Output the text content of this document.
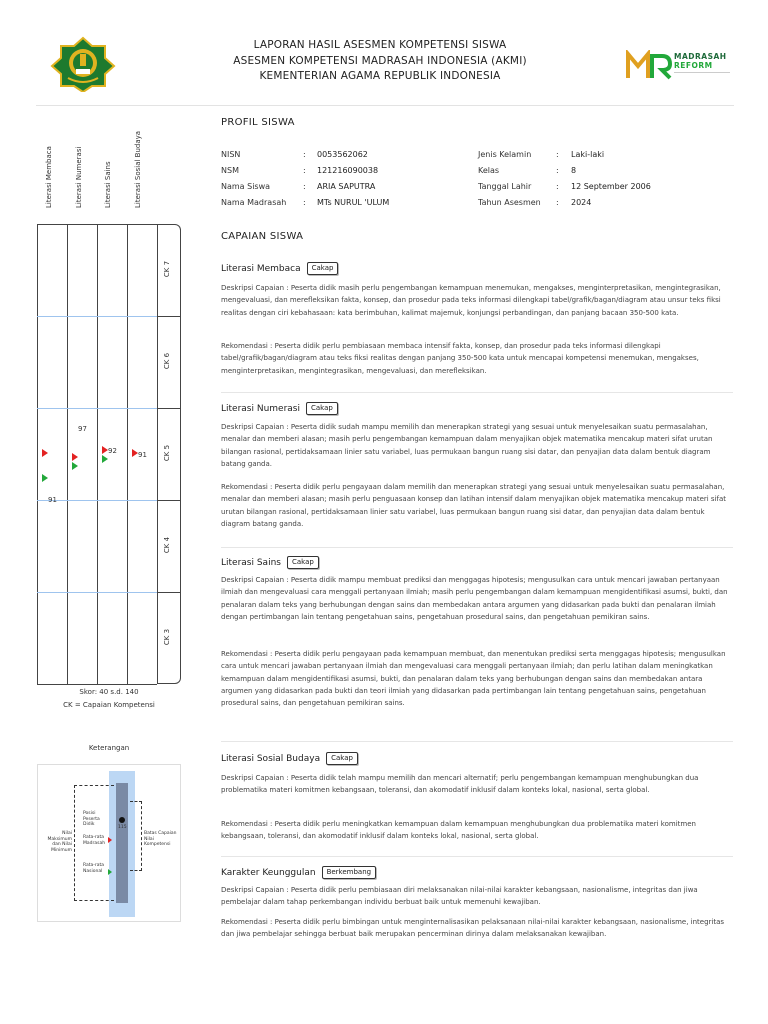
LAPORAN HASIL ASESMEN KOMPETENSI SISWA
ASESMEN KOMPETENSI MADRASAH INDONESIA (AKMI)
KEMENTERIAN AGAMA REPUBLIK INDONESIA
MADRASAH
REFORM
PROFIL SISWA
NISN	: 0053562062
NSM	: 121216090038
Nama Siswa	: ARIA SAPUTRA
Nama Madrasah : MTs NURUL 'ULUM
Jenis Kelamin	: Laki-laki
Kelas	: 8
Tanggal Lahir	: 12 September 2006
Tahun Asesmen : 2024
Literasi Membaca	Literasi Numerasi	Literasi Sains	Literasi Sosial Budaya
CK 7
CK 6
CK 5
CK 4
CK 3
91
97
92	91
Skor: 40 s.d. 140
CK = Capaian Kompetensi
Keterangan
115
Posisi Peserta Didik
Rata-rata Madrasah
Rata-rata Nasional
Nilai Maksimum dan Nilai Minimum
Batas Capaian Nilai Kompetensi
CAPAIAN SISWA
Literasi Membaca	Cakap
Deskripsi Capaian : Peserta didik masih perlu pengembangan kemampuan menemukan, mengakses, menginterpretasikan, mengintegrasikan, mengevaluasi, dan merefleksikan fakta, konsep, dan prosedur pada teks informasi dilengkapi tabel/grafik/bagan/diagram atau unsur teks fiksi realitas dengan ciri kebahasaan: kata berimbuhan, kalimat majemuk, konjungsi perbandingan, dan panjang bacaan 350-500 kata.
Rekomendasi : Peserta didik perlu pembiasaan membaca intensif fakta, konsep, dan prosedur pada teks informasi dilengkapi tabel/grafik/bagan/diagram atau teks fiksi realitas dengan panjang 350-500 kata untuk mencapai kompetensi menemukan, mengakses, menginterpretasikan, mengintegrasikan, mengevaluasi, dan merefleksikan.
Literasi Numerasi	Cakap
Deskripsi Capaian : Peserta didik sudah mampu memilih dan menerapkan strategi yang sesuai untuk menyelesaikan suatu permasalahan, menalar dan memberi alasan; masih perlu pengembangan kemampuan dalam menyajikan objek matematika mencakup materi sifat urutan bilangan rasional, pertidaksamaan linier satu variabel, luas permukaan bangun ruang sisi datar, dan penyajian data dalam bentuk diagram batang ganda.
Rekomendasi : Peserta didik perlu pengayaan dalam memilih dan menerapkan strategi yang sesuai untuk menyelesaikan suatu permasalahan, menalar dan memberi alasan; masih perlu penguasaan konsep dan latihan intensif dalam menyajikan objek matematika mencakup materi sifat urutan bilangan rasional, pertidaksamaan linier satu variabel, luas permukaan bangun ruang sisi datar, dan penyajian data dalam bentuk diagram batang ganda.
Literasi Sains	Cakap
Deskripsi Capaian : Peserta didik mampu membuat prediksi dan menggagas hipotesis; mengusulkan cara untuk mencari jawaban pertanyaan ilmiah dan mengevaluasi cara menggali pertanyaan ilmiah; masih perlu pengembangan dalam kemampuan mengidentifikasi asumsi, bukti, dan penalaran dalam teks yang berhubungan dengan sains dan membedakan antara argumen yang didasarkan pada bukti dan penalaran ilmiah dengan pertimbangan lain tentang pengetahuan sains, pengetahuan prosedural sains, dan pengetahuan pemikiran sains.
Rekomendasi : Peserta didik perlu pengayaan pada kemampuan membuat, dan menentukan prediksi serta menggagas hipotesis; mengusulkan cara untuk mencari jawaban pertanyaan ilmiah dan mengevaluasi cara menggali pertanyaan ilmiah; dan perlu latihan dalam meningkatkan kemampuan dalam mengidentifikasi asumsi, bukti, dan penalaran dalam teks yang berhubungan dengan sains dan membedakan antara argumen yang didasarkan pada bukti dan teori ilmiah yang didasarkan pada pertimbangan lain tentang pengetahuan sains, pengetahuan prosedural sains, dan pengetahuan pemikiran sains.
Literasi Sosial Budaya	Cakap
Deskripsi Capaian : Peserta didik telah mampu memilih dan mencari alternatif; perlu pengembangan kemampuan menghubungkan dua problematika materi komitmen kebangsaan, toleransi, dan akomodatif inklusif dalam konteks lokal, nasional, serta global.
Rekomendasi : Peserta didik perlu meningkatkan kemampuan dalam kemampuan menghubungkan dua problematika materi komitmen kebangsaan, toleransi, dan akomodatif inklusif dalam konteks lokal, nasional, serta global.
Karakter Keunggulan	Berkembang
Deskripsi Capaian : Peserta didik perlu pembiasaan diri melaksanakan nilai-nilai karakter kebangsaan, nasionalisme, integritas dan jiwa pembelajar dalam tahap perkembangan individu berbuat baik untuk memenuhi kewajiban.
Rekomendasi : Peserta didik perlu bimbingan untuk menginternalisasikan pelaksanaan nilai-nilai karakter kebangsaan, nasionalisme, integritas dan jiwa pembelajar sehingga berbuat baik merupakan pencerminan dirinya dalam melaksanakan kewajiban.
